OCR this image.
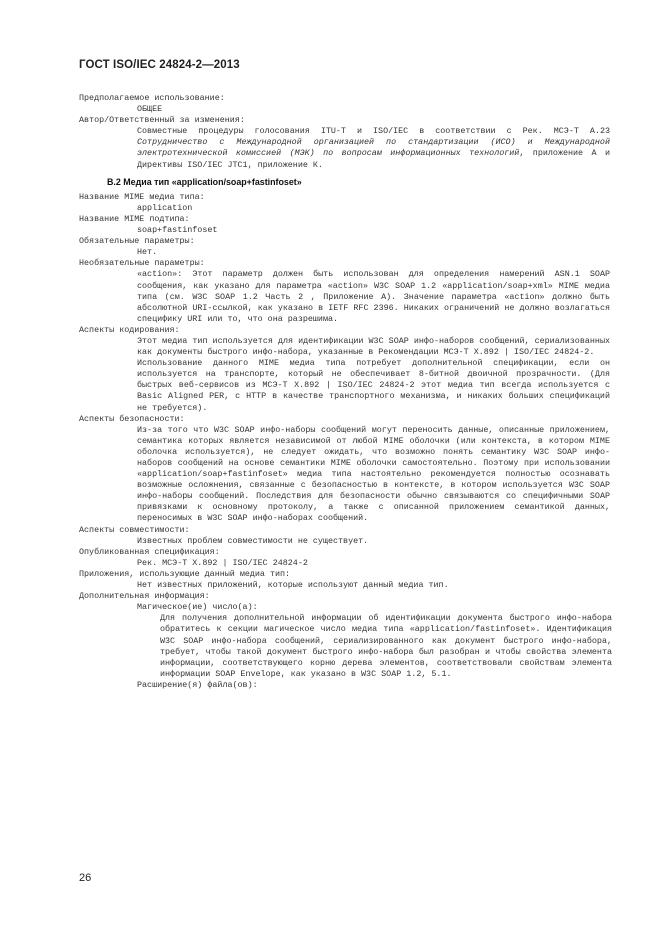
ГОСТ ISO/IEC 24824-2—2013
Предполагаемое использование:
ОБЩЕЕ
Автор/Ответственный за изменения:
Совместные процедуры голосования ITU-T и ISO/IEC в соответствии с Рек. МСЭ-Т A.23 Сотрудничество с Международной организацией по стандартизации (ИСО) и Международной электротехнической комиссией (МЭК) по вопросам информационных технологий, приложение A и Директивы ISO/IEC JTC1, приложение К.
B.2 Медиа тип «application/soap+fastinfoset»
Название MIME медиа типа:
application
Название MIME подтипа:
soap+fastinfoset
Обязательные параметры:
Нет.
Необязательные параметры:
«action»: Этот параметр должен быть использован для определения намерений ASN.1 SOAP сообщения, как указано для параметра «action» W3C SOAP 1.2 «application/soap+xml» MIME медиа типа (см. W3C SOAP 1.2 Часть 2 , Приложение A). Значение параметра «action» должно быть абсолютной URI-ссылкой, как указано в IETF RFC 2396. Никаких ограничений не должно возлагаться специфику URI или то, что она разрешима.
Аспекты кодирования:
Этот медиа тип используется для идентификации W3C SOAP инфо-наборов сообщений, сериализованных как документы быстрого инфо-набора, указанные в Рекомендации МСЭ-Т X.892 | ISO/IEC 24824-2.
Использование данного MIME медиа типа потребует дополнительной спецификации, если он используется на транспорте, который не обеспечивает 8-битной двоичной прозрачности. (Для быстрых веб-сервисов из МСЭ-Т X.892 | ISO/IEC 24824-2 этот медиа тип всегда используется с Basic Aligned PER, с HTTP в качестве транспортного механизма, и никаких больших спецификаций не требуется).
Аспекты безопасности:
Из-за того что W3C SOAP инфо-наборы сообщений могут переносить данные, описанные приложением, семантика которых является независимой от любой MIME оболочки (или контекста, в котором MIME оболочка используется), не следует ожидать, что возможно понять семантику W3C SOAP инфо-наборов сообщений на основе семантики MIME оболочки самостоятельно. Поэтому при использовании «application/soap+fastinfoset» медиа типа настоятельно рекомендуется полностью осознавать возможные осложнения, связанные с безопасностью в контексте, в котором используется W3C SOAP инфо-наборы сообщений. Последствия для безопасности обычно связываются со специфичными SOAP привязками к основному протоколу, а также с описанной приложением семантикой данных, переносимых в W3C SOAP инфо-наборах сообщений.
Аспекты совместимости:
Известных проблем совместимости не существует.
Опубликованная спецификация:
Рек. МСЭ-Т X.892 | ISO/IEC 24824-2
Приложения, использующие данный медиа тип:
Нет известных приложений, которые используют данный медиа тип.
Дополнительная информация:
Магическое(ие) число(а):
Для получения дополнительной информации об идентификации документа быстрого инфо-набора обратитесь к секции магическое число медиа типа «application/fastinfoset». Идентификация W3C SOAP инфо-набора сообщений, сериализированного как документ быстрого инфо-набора, требует, чтобы такой документ быстрого инфо-набора был разобран и чтобы свойства элемента информации, соответствующего корню дерева элементов, соответствовали свойствам элемента информации SOAP Envelope, как указано в W3C SOAP 1.2, 5.1.
Расширение(я) файла(ов):
26
